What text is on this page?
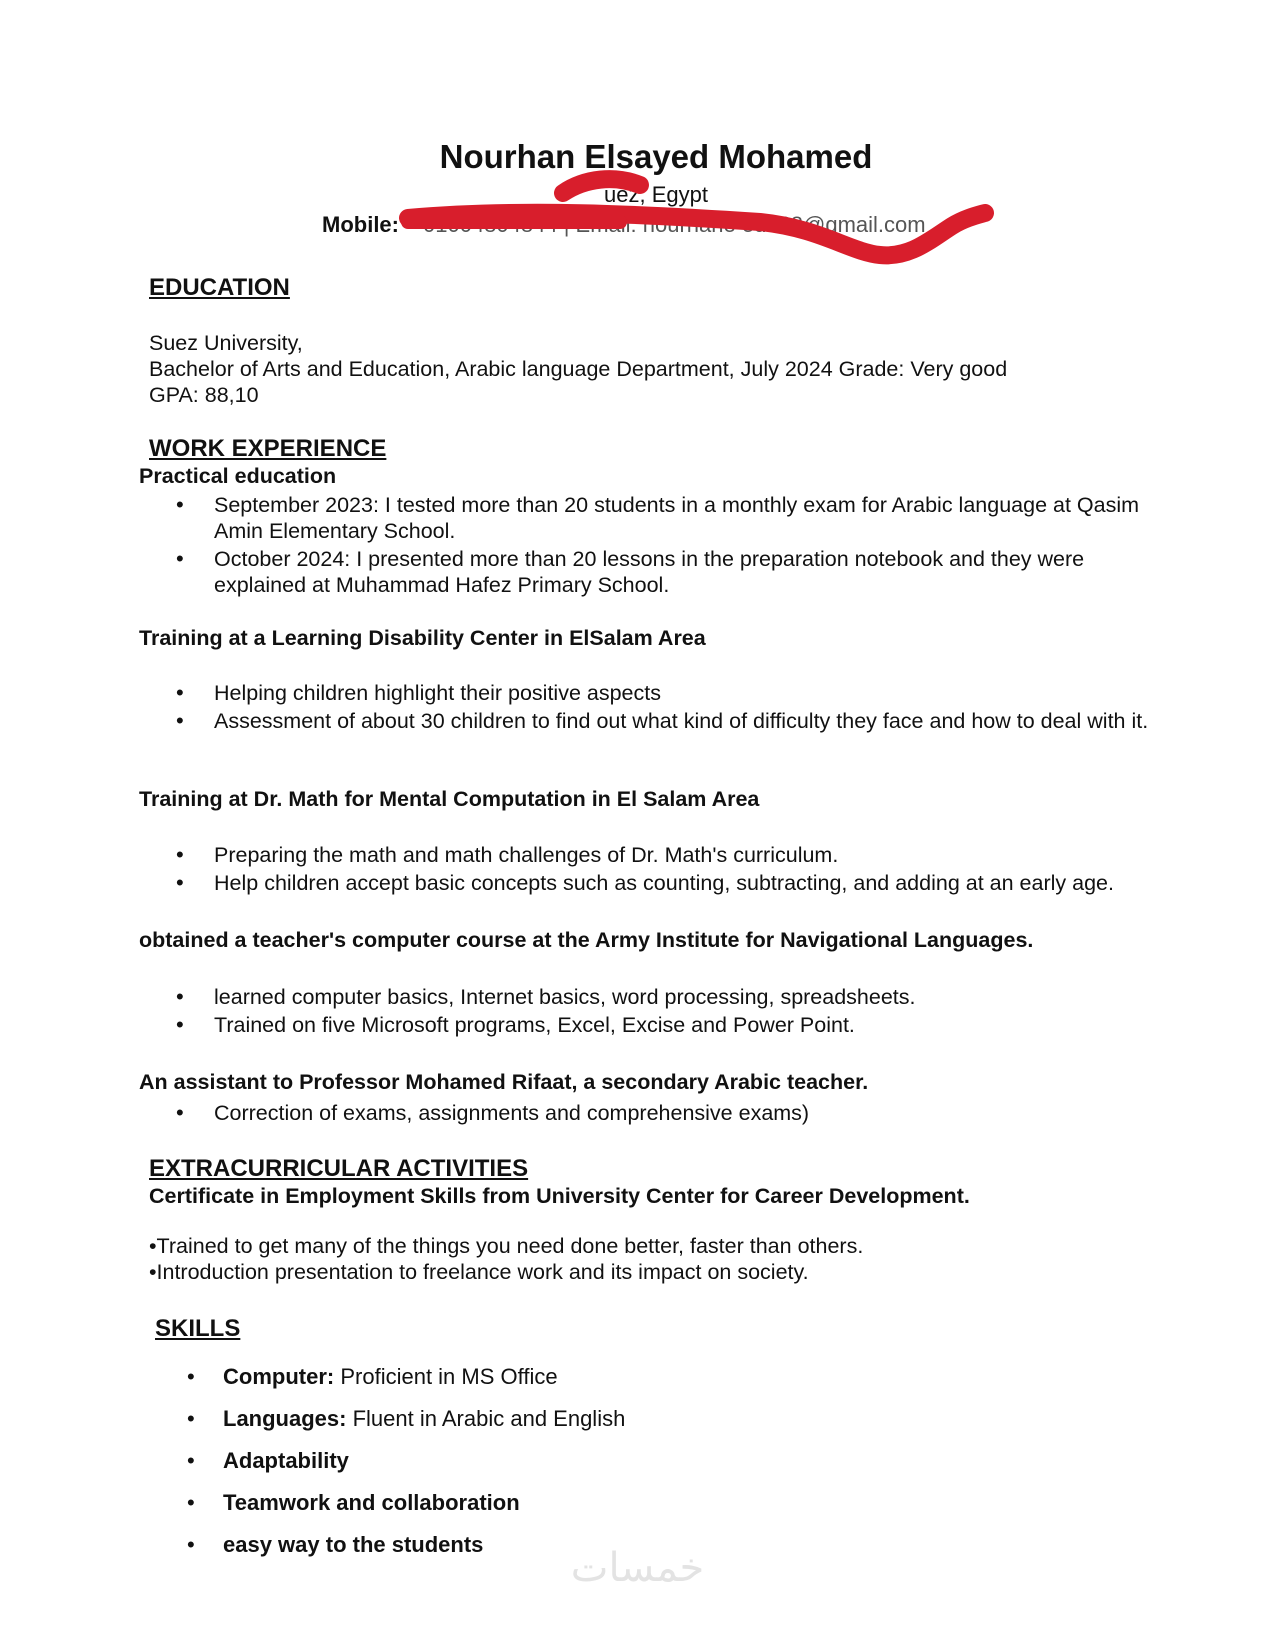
Nourhan Elsayed Mohamed
uez, Egypt
Mobile: 01004804844 | Email: nourhane ed168@gmail.com
EDUCATION
Suez University,
Bachelor of Arts and Education, Arabic language Department, July 2024 Grade: Very good
GPA: 88,10
WORK EXPERIENCE
Practical education
• September 2023: I tested more than 20 students in a monthly exam for Arabic language at Qasim Amin Elementary School.
• October 2024: I presented more than 20 lessons in the preparation notebook and they were explained at Muhammad Hafez Primary School.
Training at a Learning Disability Center in ElSalam Area
• Helping children highlight their positive aspects
• Assessment of about 30 children to find out what kind of difficulty they face and how to deal with it.
Training at Dr. Math for Mental Computation in El Salam Area
• Preparing the math and math challenges of Dr. Math's curriculum.
• Help children accept basic concepts such as counting, subtracting, and adding at an early age.
obtained a teacher's computer course at the Army Institute for Navigational Languages.
• learned computer basics, Internet basics, word processing, spreadsheets.
• Trained on five Microsoft programs, Excel, Excise and Power Point.
An assistant to Professor Mohamed Rifaat, a secondary Arabic teacher.
• Correction of exams, assignments and comprehensive exams)
EXTRACURRICULAR ACTIVITIES
Certificate in Employment Skills from University Center for Career Development.
•Trained to get many of the things you need done better, faster than others.
•Introduction presentation to freelance work and its impact on society.
SKILLS
• Computer: Proficient in MS Office
• Languages: Fluent in Arabic and English
• Adaptability
• Teamwork and collaboration
• easy way to the students
خمسات
